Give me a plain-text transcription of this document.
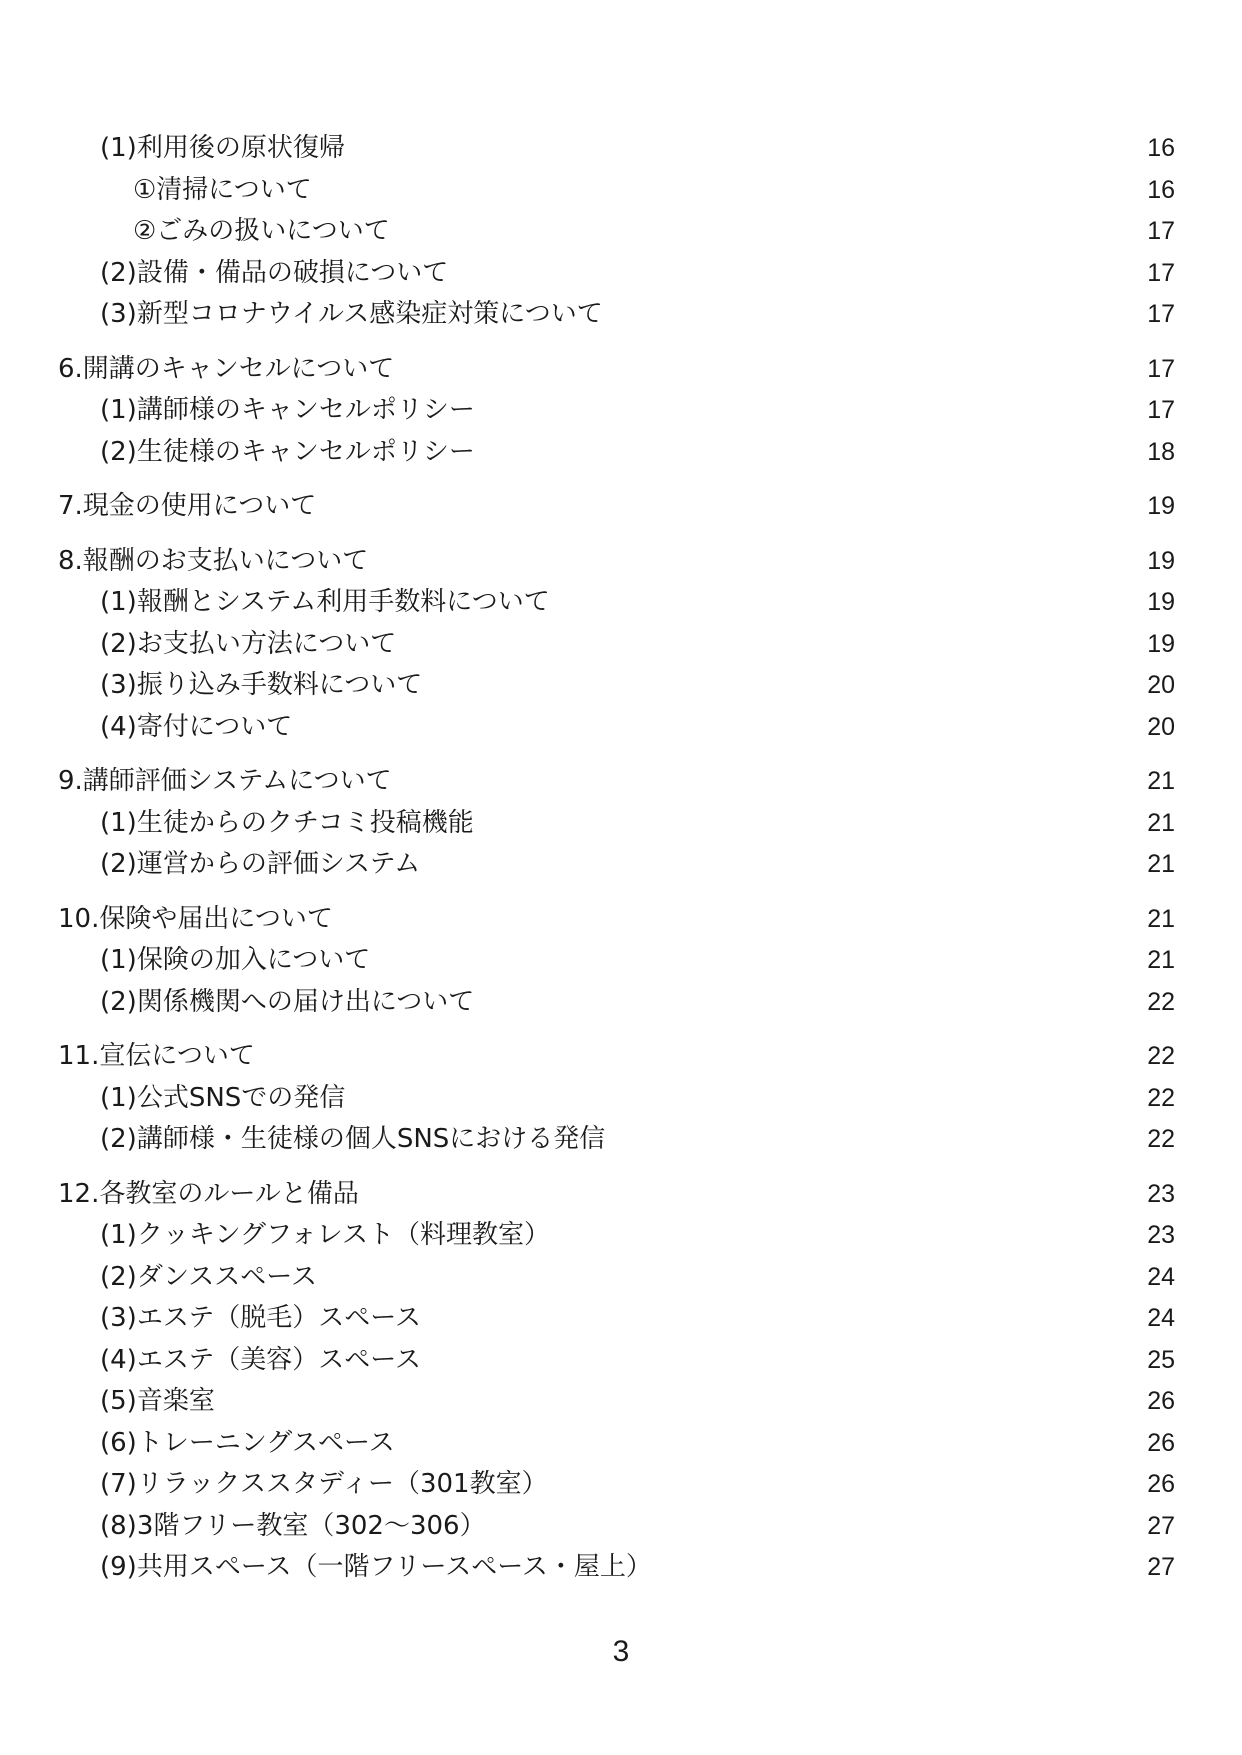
(1)利用後の原状復帰	16
①清掃について	16
②ごみの扱いについて	17
(2)設備・備品の破損について	17
(3)新型コロナウイルス感染症対策について	17
6.開講のキャンセルについて	17
(1)講師様のキャンセルポリシー	17
(2)生徒様のキャンセルポリシー	18
7.現金の使用について	19
8.報酬のお支払いについて	19
(1)報酬とシステム利用手数料について	19
(2)お支払い方法について	19
(3)振り込み手数料について	20
(4)寄付について	20
9.講師評価システムについて	21
(1)生徒からのクチコミ投稿機能	21
(2)運営からの評価システム	21
10.保険や届出について	21
(1)保険の加入について	21
(2)関係機関への届け出について	22
11.宣伝について	22
(1)公式SNSでの発信	22
(2)講師様・生徒様の個人SNSにおける発信	22
12.各教室のルールと備品	23
(1)クッキングフォレスト（料理教室）	23
(2)ダンススペース	24
(3)エステ（脱毛）スペース	24
(4)エステ（美容）スペース	25
(5)音楽室	26
(6)トレーニングスペース	26
(7)リラックススタディー（301教室）	26
(8)3階フリー教室（302～306）	27
(9)共用スペース（一階フリースペース・屋上）	27
3
